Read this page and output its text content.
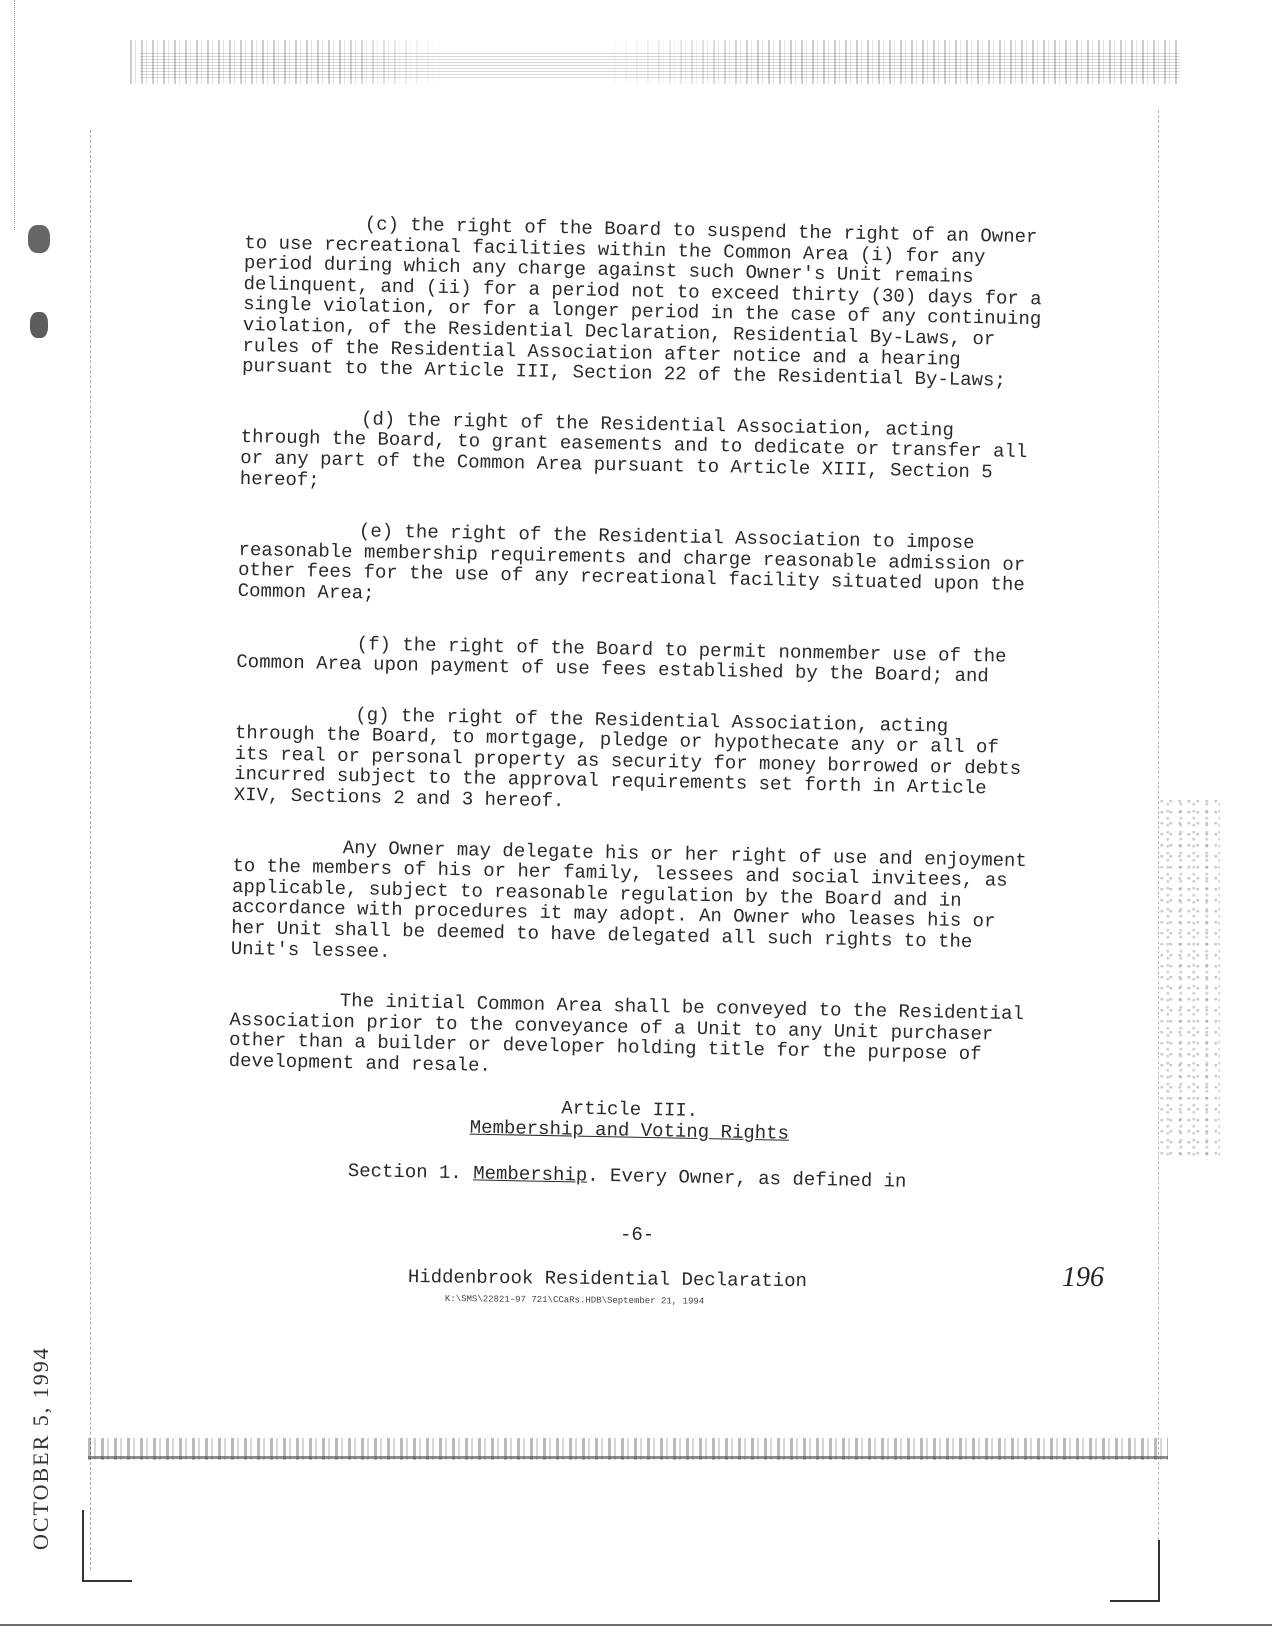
OCTOBER 5, 1994

(c) the right of the Board to suspend the right of an Owner to use recreational facilities within the Common Area (i) for any period during which any charge against such Owner's Unit remains delinquent, and (ii) for a period not to exceed thirty (30) days for a single violation, or for a longer period in the case of any continuing violation, of the Residential Declaration, Residential By-Laws, or rules of the Residential Association after notice and a hearing pursuant to the Article III, Section 22 of the Residential By-Laws;

(d) the right of the Residential Association, acting through the Board, to grant easements and to dedicate or transfer all or any part of the Common Area pursuant to Article XIII, Section 5 hereof;

(e) the right of the Residential Association to impose reasonable membership requirements and charge reasonable admission or other fees for the use of any recreational facility situated upon the Common Area;

(f) the right of the Board to permit nonmember use of the Common Area upon payment of use fees established by the Board; and

(g) the right of the Residential Association, acting through the Board, to mortgage, pledge or hypothecate any or all of its real or personal property as security for money borrowed or debts incurred subject to the approval requirements set forth in Article XIV, Sections 2 and 3 hereof.

Any Owner may delegate his or her right of use and enjoyment to the members of his or her family, lessees and social invitees, as applicable, subject to reasonable regulation by the Board and in accordance with procedures it may adopt. An Owner who leases his or her Unit shall be deemed to have delegated all such rights to the Unit's lessee.

The initial Common Area shall be conveyed to the Residential Association prior to the conveyance of a Unit to any Unit purchaser other than a builder or developer holding title for the purpose of development and resale.

Article III.
Membership and Voting Rights
Section 1. Membership. Every Owner, as defined in
-6-
Hiddenbrook Residential Declaration
K:\SMS\22821-97 721\CCaRs.HDB\September 21, 1994
196
